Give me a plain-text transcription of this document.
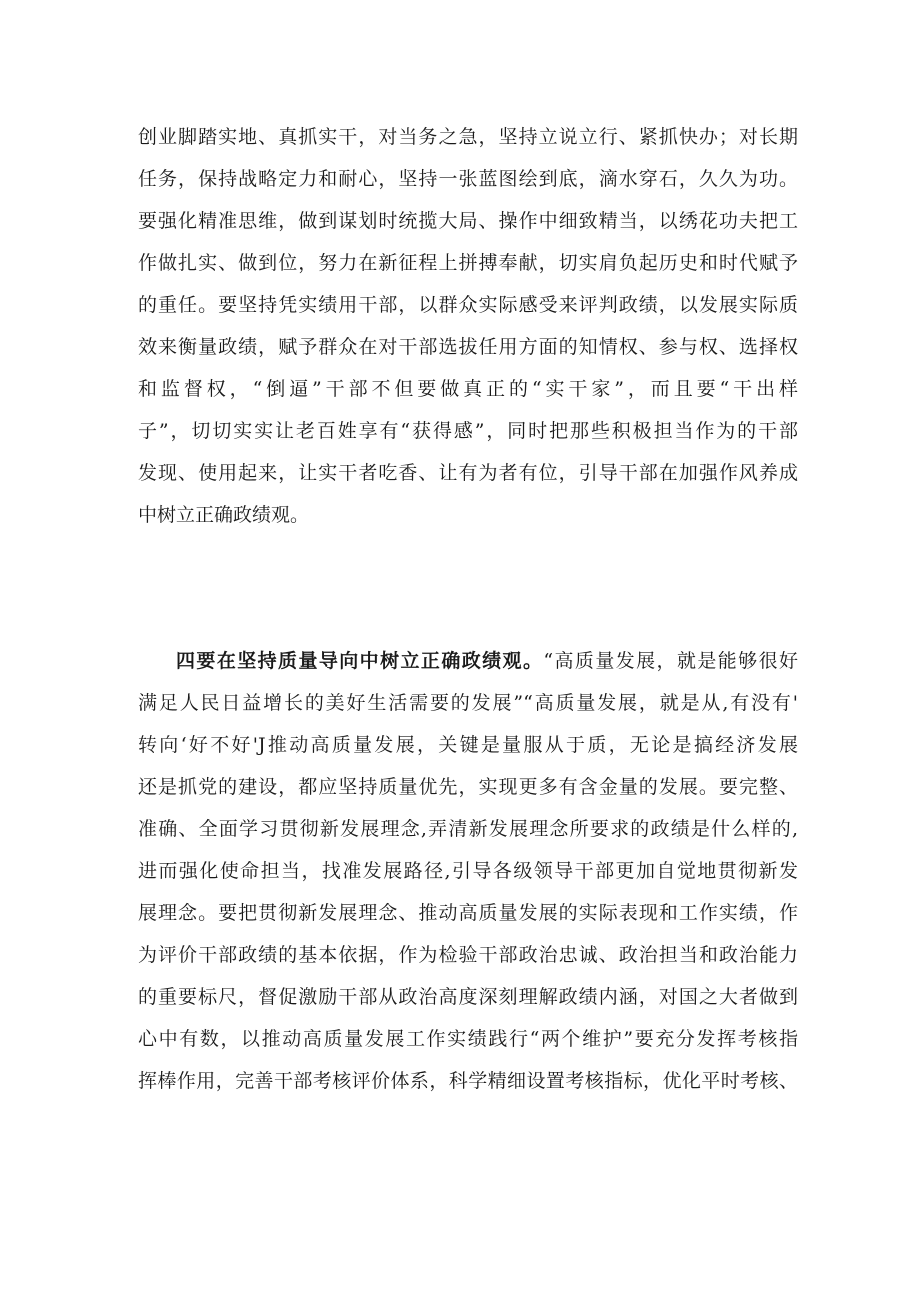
创业脚踏实地、真抓实干，对当务之急，坚持立说立行、紧抓快办；对长期
任务，保持战略定力和耐心，坚持一张蓝图绘到底，滴水穿石，久久为功。
要强化精准思维，做到谋划时统揽大局、操作中细致精当，以绣花功夫把工
作做扎实、做到位，努力在新征程上拼搏奉献，切实肩负起历史和时代赋予
的重任。要坚持凭实绩用干部，以群众实际感受来评判政绩，以发展实际质
效来衡量政绩，赋予群众在对干部选拔任用方面的知情权、参与权、选择权
和监督权，“倒逼”干部不但要做真正的“实干家”，而且要“干出样
子”，切切实实让老百姓享有“获得感”，同时把那些积极担当作为的干部
发现、使用起来，让实干者吃香、让有为者有位，引导干部在加强作风养成
中树立正确政绩观。
四要在坚持质量导向中树立正确政绩观。“高质量发展，就是能够很好
满足人民日益增长的美好生活需要的发展”“高质量发展，就是从,有没有'
转向‘好不好'J推动高质量发展，关键是量服从于质，无论是搞经济发展
还是抓党的建设，都应坚持质量优先，实现更多有含金量的发展。要完整、
准确、全面学习贯彻新发展理念,弄清新发展理念所要求的政绩是什么样的,
进而强化使命担当，找准发展路径,引导各级领导干部更加自觉地贯彻新发
展理念。要把贯彻新发展理念、推动高质量发展的实际表现和工作实绩，作
为评价干部政绩的基本依据，作为检验干部政治忠诚、政治担当和政治能力
的重要标尺，督促激励干部从政治高度深刻理解政绩内涵，对国之大者做到
心中有数，以推动高质量发展工作实绩践行“两个维护”要充分发挥考核指
挥棒作用，完善干部考核评价体系，科学精细设置考核指标，优化平时考核、
